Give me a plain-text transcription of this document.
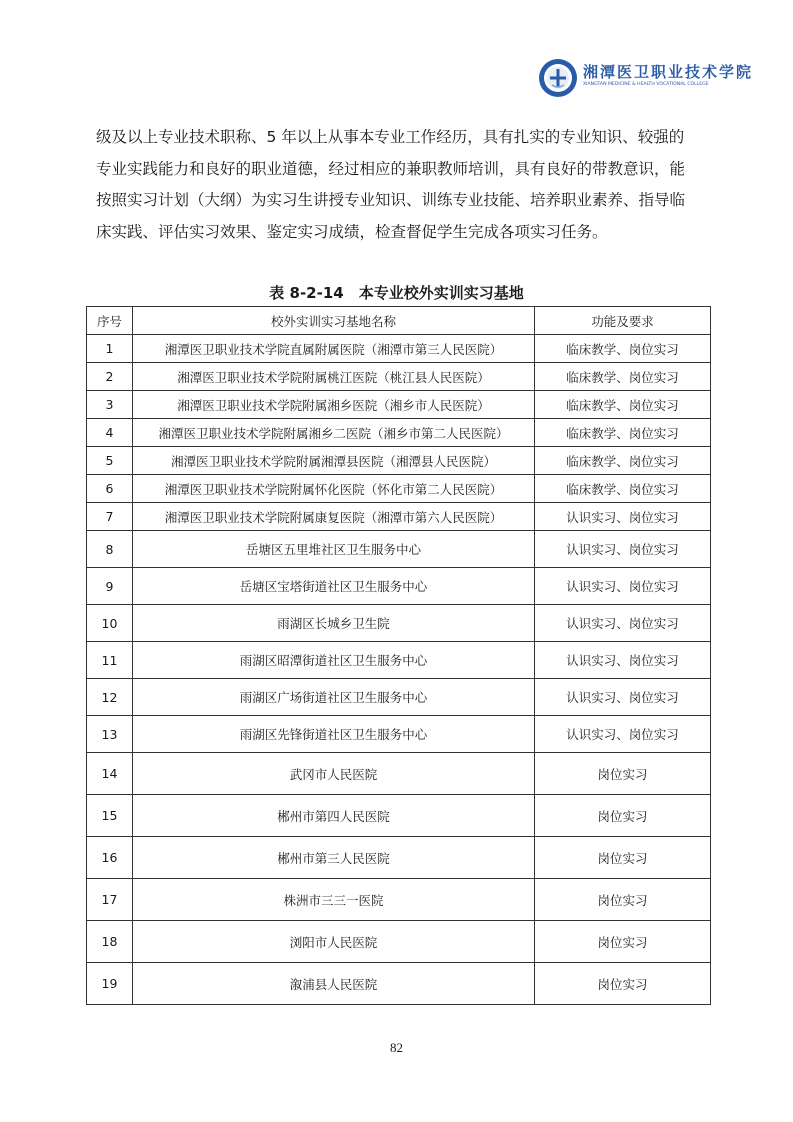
湘潭医卫职业技术学院
XIANGTAN MEDICINE & HEALTH VOCATIONAL COLLEGE
级及以上专业技术职称、5 年以上从事本专业工作经历，具有扎实的专业知识、较强的
专业实践能力和良好的职业道德，经过相应的兼职教师培训，具有良好的带教意识，能
按照实习计划（大纲）为实习生讲授专业知识、训练专业技能、培养职业素养、指导临
床实践、评估实习效果、鉴定实习成绩，检查督促学生完成各项实习任务。
表 8-2-14　本专业校外实训实习基地
序号	校外实训实习基地名称	功能及要求
1	湘潭医卫职业技术学院直属附属医院（湘潭市第三人民医院）	临床教学、岗位实习
2	湘潭医卫职业技术学院附属桃江医院（桃江县人民医院）	临床教学、岗位实习
3	湘潭医卫职业技术学院附属湘乡医院（湘乡市人民医院）	临床教学、岗位实习
4	湘潭医卫职业技术学院附属湘乡二医院（湘乡市第二人民医院）	临床教学、岗位实习
5	湘潭医卫职业技术学院附属湘潭县医院（湘潭县人民医院）	临床教学、岗位实习
6	湘潭医卫职业技术学院附属怀化医院（怀化市第二人民医院）	临床教学、岗位实习
7	湘潭医卫职业技术学院附属康复医院（湘潭市第六人民医院）	认识实习、岗位实习
8	岳塘区五里堆社区卫生服务中心	认识实习、岗位实习
9	岳塘区宝塔街道社区卫生服务中心	认识实习、岗位实习
10	雨湖区长城乡卫生院	认识实习、岗位实习
11	雨湖区昭潭街道社区卫生服务中心	认识实习、岗位实习
12	雨湖区广场街道社区卫生服务中心	认识实习、岗位实习
13	雨湖区先锋街道社区卫生服务中心	认识实习、岗位实习
14	武冈市人民医院	岗位实习
15	郴州市第四人民医院	岗位实习
16	郴州市第三人民医院	岗位实习
17	株洲市三三一医院	岗位实习
18	浏阳市人民医院	岗位实习
19	溆浦县人民医院	岗位实习
82
